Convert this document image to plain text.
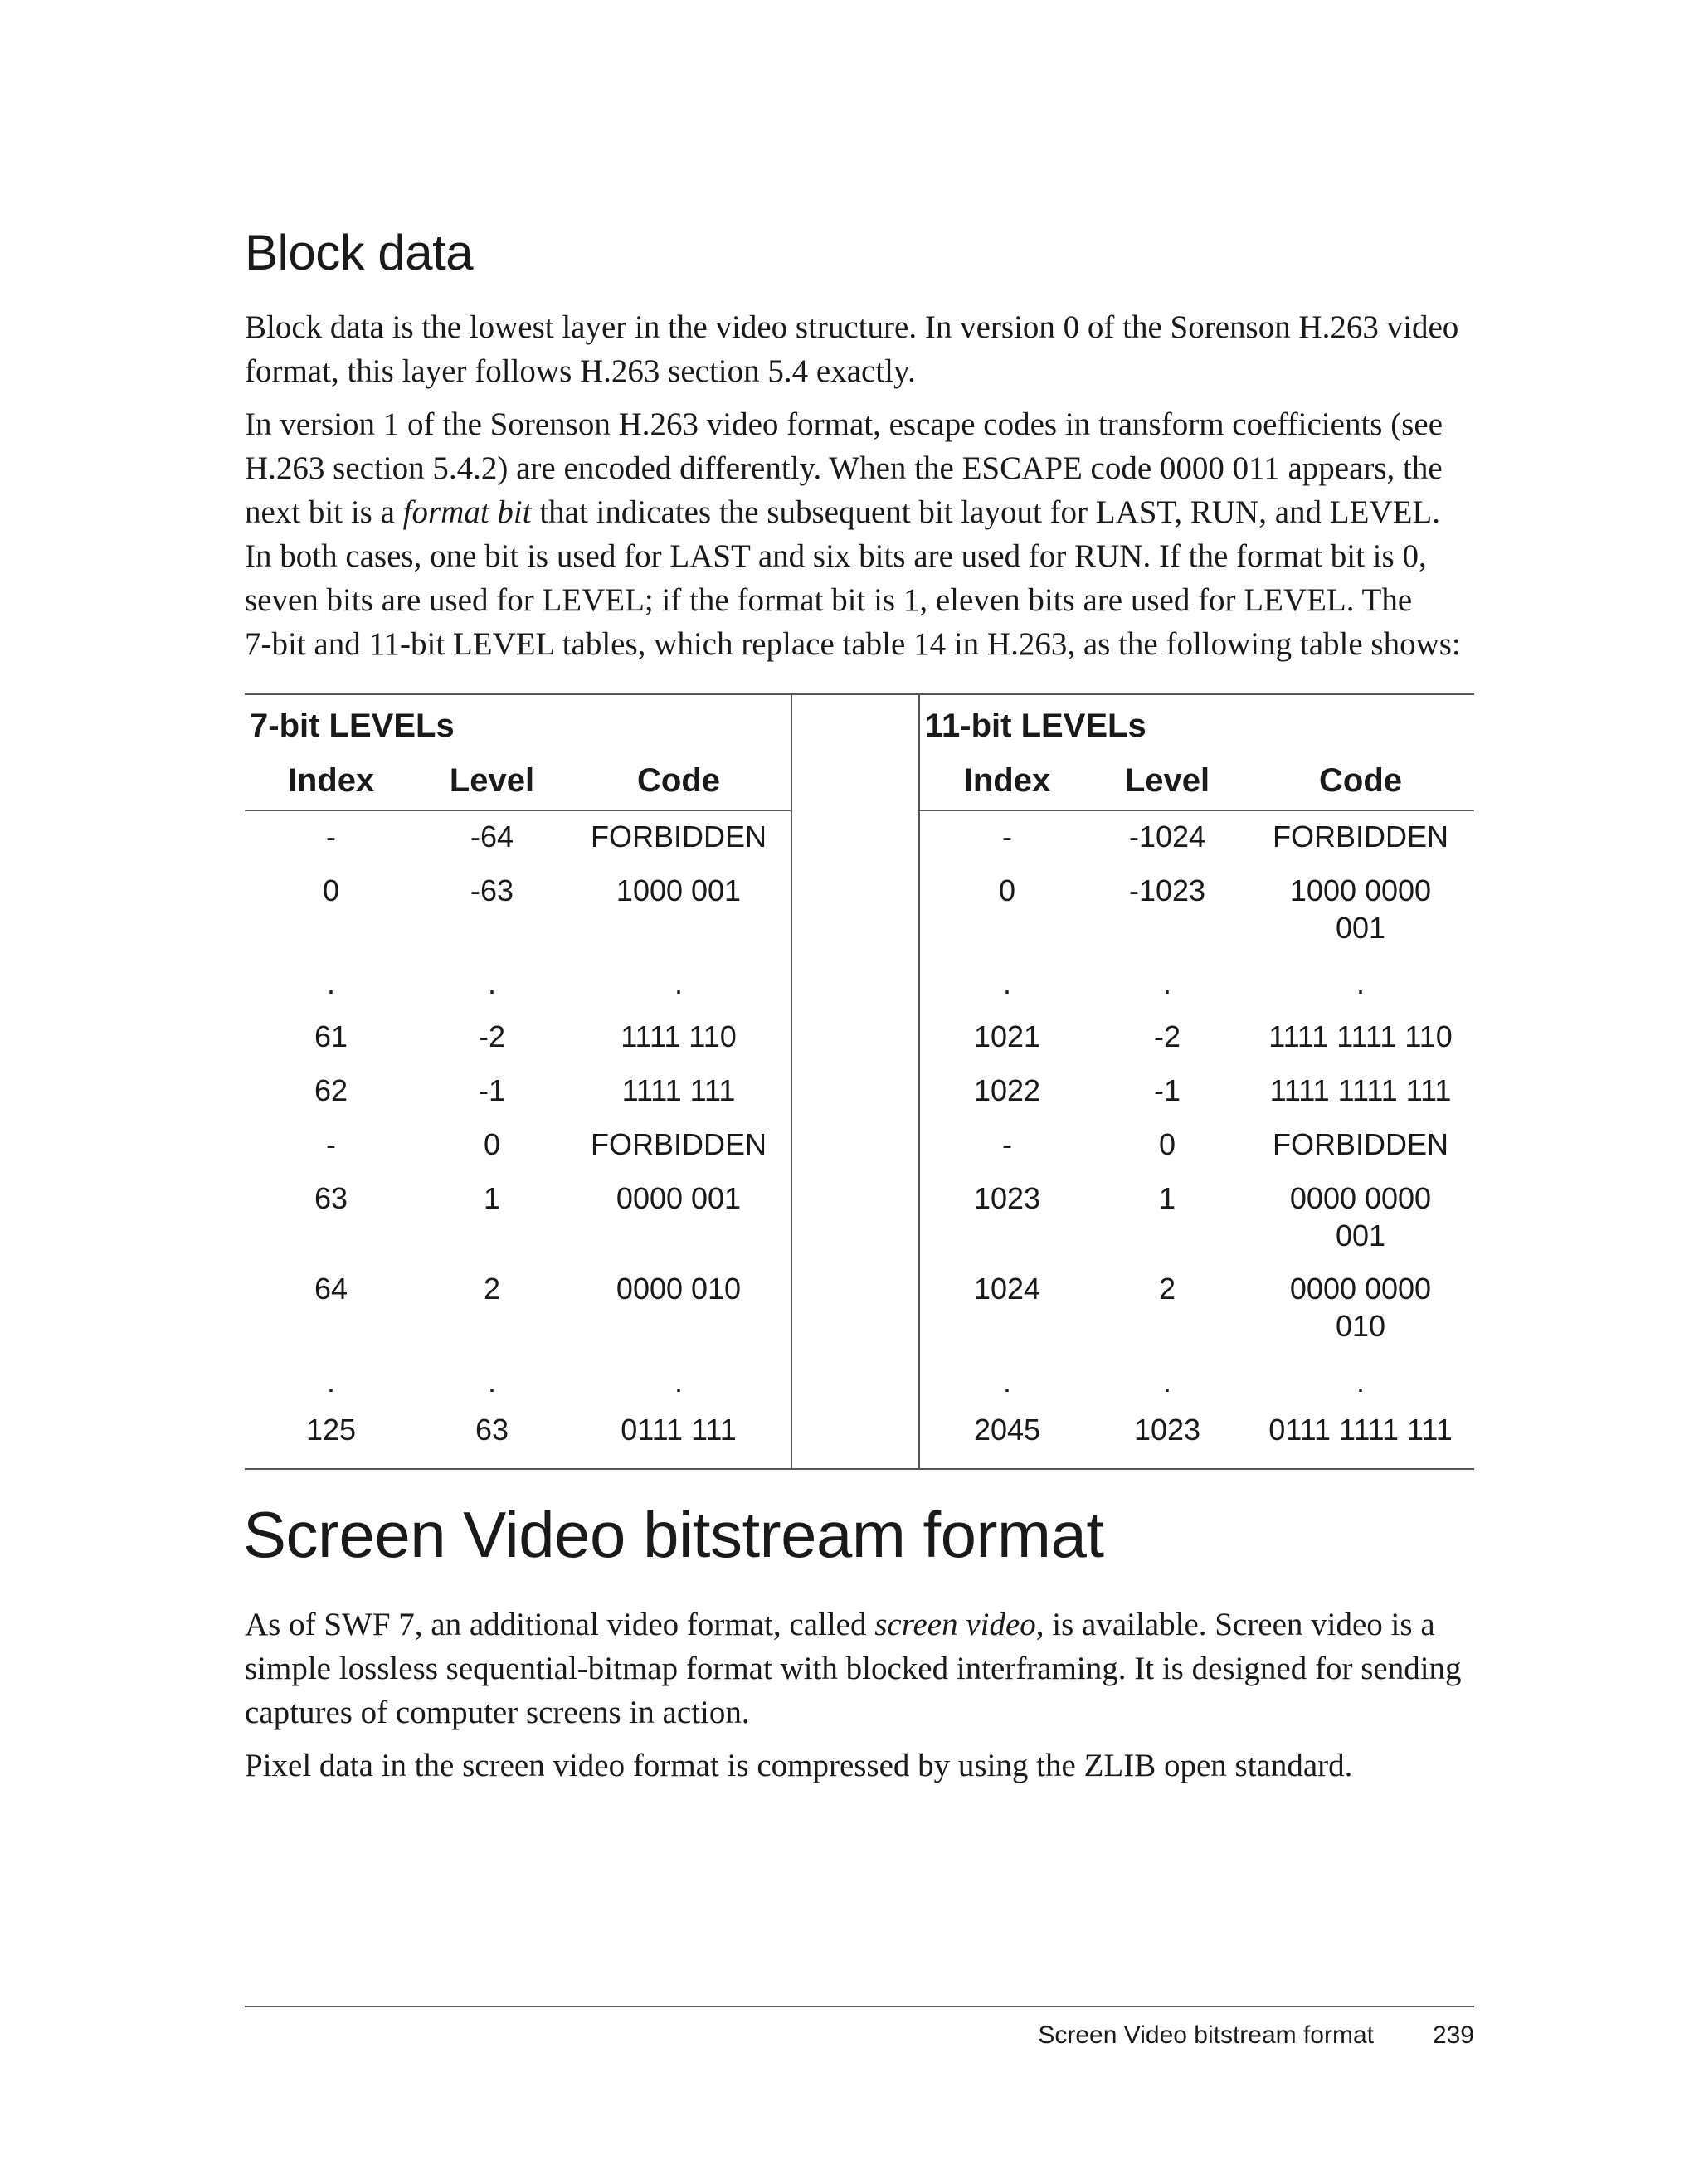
Block data

Block data is the lowest layer in the video structure. In version 0 of the Sorenson H.263 video
format, this layer follows H.263 section 5.4 exactly.

In version 1 of the Sorenson H.263 video format, escape codes in transform coefficients (see
H.263 section 5.4.2) are encoded differently. When the ESCAPE code 0000 011 appears, the
next bit is a format bit that indicates the subsequent bit layout for LAST, RUN, and LEVEL.
In both cases, one bit is used for LAST and six bits are used for RUN. If the format bit is 0,
seven bits are used for LEVEL; if the format bit is 1, eleven bits are used for LEVEL. The
7-bit and 11-bit LEVEL tables, which replace table 14 in H.263, as the following table shows:

7-bit LEVELs	11-bit LEVELs
Index	Level	Code	Index	Level	Code
-	-64	FORBIDDEN	-	-1024	FORBIDDEN
0	-63	1000 001	0	-1023	1000 0000
001
.	.	.	.	.	.
61	-2	1111 110	1021	-2	1111 1111 110
62	-1	1111 111	1022	-1	1111 1111 111
-	0	FORBIDDEN	-	0	FORBIDDEN
63	1	0000 001	1023	1	0000 0000
001
64	2	0000 010	1024	2	0000 0000
010
.	.	.	.	.	.
125	63	0111 111	2045	1023	0111 1111 111
Screen Video bitstream format

As of SWF 7, an additional video format, called screen video, is available. Screen video is a
simple lossless sequential-bitmap format with blocked interframing. It is designed for sending
captures of computer screens in action.

Pixel data in the screen video format is compressed by using the ZLIB open standard.

Screen Video bitstream format 239
